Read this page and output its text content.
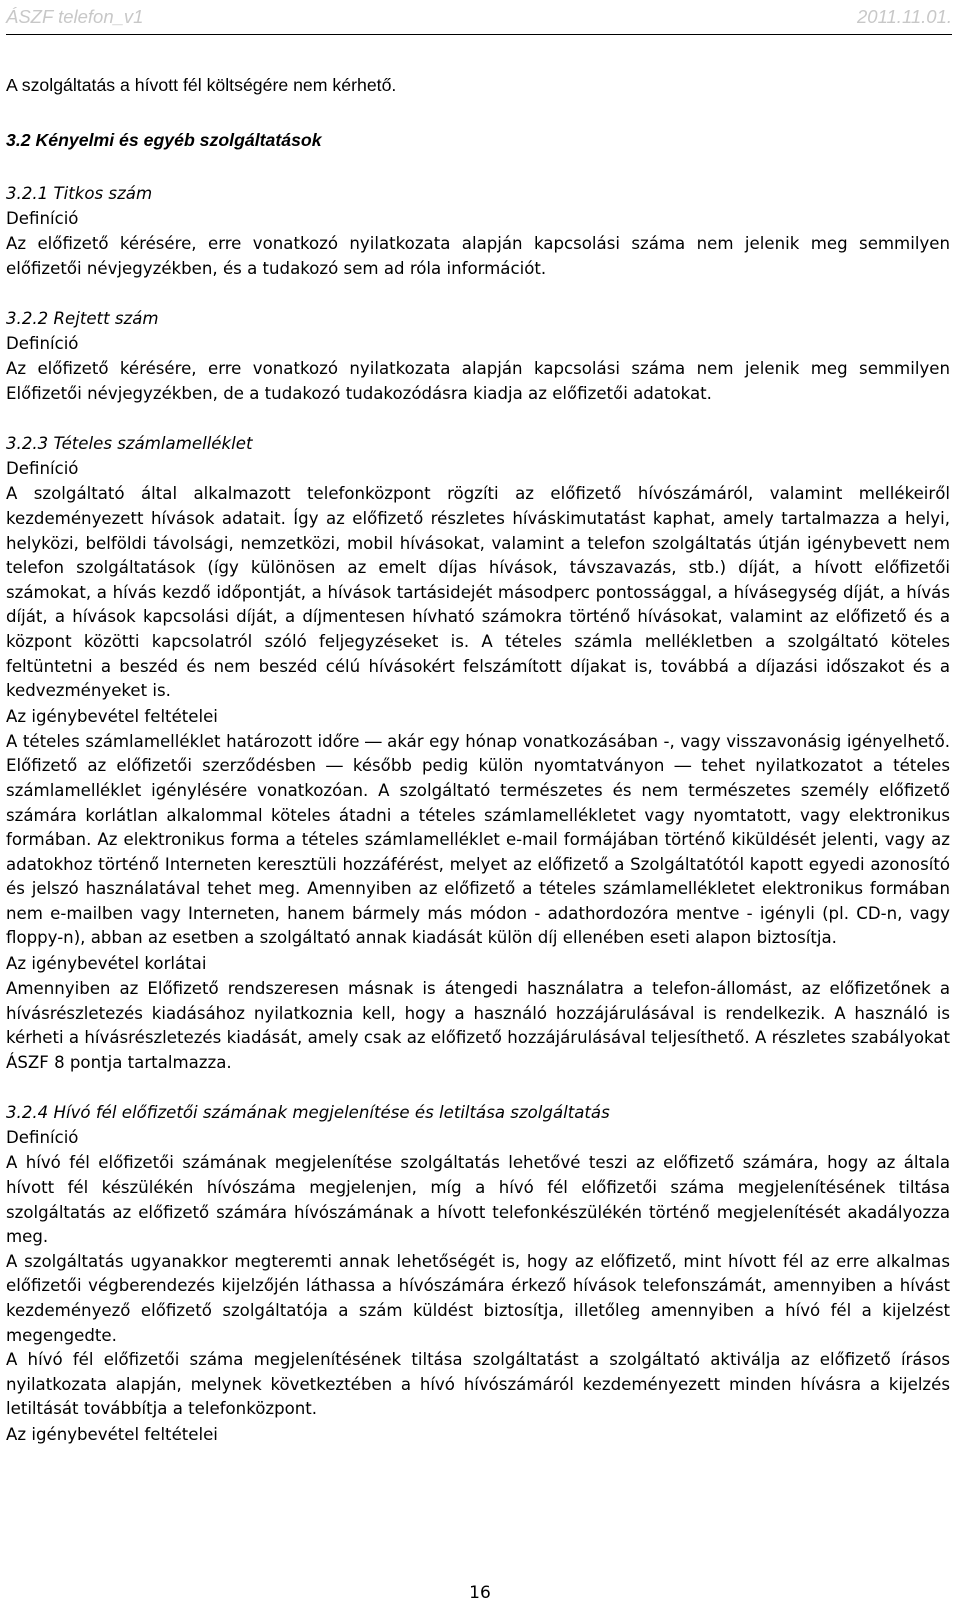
ÁSZF telefon_v1	2011.11.01.

A szolgáltatás a hívott fél költségére nem kérhető.

3.2 Kényelmi és egyéb szolgáltatások

3.2.1 Titkos szám

Definíció

Az előfizető kérésére, erre vonatkozó nyilatkozata alapján kapcsolási száma nem jelenik meg semmilyen előfizetői névjegyzékben, és a tudakozó sem ad róla információt.

3.2.2 Rejtett szám

Definíció

Az előfizető kérésére, erre vonatkozó nyilatkozata alapján kapcsolási száma nem jelenik meg semmilyen Előfizetői névjegyzékben, de a tudakozó tudakozódásra kiadja az előfizetői adatokat.

3.2.3 Tételes számlamelléklet

Definíció

A szolgáltató által alkalmazott telefonközpont rögzíti az előfizető hívószámáról, valamint mellékeiről kezdeményezett hívások adatait. Így az előfizető részletes híváskimutatást kaphat, amely tartalmazza a helyi, helyközi, belföldi távolsági, nemzetközi, mobil hívásokat, valamint a telefon szolgáltatás útján igénybevett nem telefon szolgáltatások (így különösen az emelt díjas hívások, távszavazás, stb.) díját, a hívott előfizetői számokat, a hívás kezdő időpontját, a hívások tartásidejét másodperc pontossággal, a hívásegység díját, a hívás díját, a hívások kapcsolási díját, a díjmentesen hívható számokra történő hívásokat, valamint az előfizető és a központ közötti kapcsolatról szóló feljegyzéseket is. A tételes számla mellékletben a szolgáltató köteles feltüntetni a beszéd és nem beszéd célú hívásokért felszámított díjakat is, továbbá a díjazási időszakot és a kedvezményeket is.

Az igénybevétel feltételei

A tételes számlamelléklet határozott időre ― akár egy hónap vonatkozásában -, vagy visszavonásig igényelhető. Előfizető az előfizetői szerződésben ― később pedig külön nyomtatványon ― tehet nyilatkozatot a tételes számlamelléklet igénylésére vonatkozóan. A szolgáltató természetes és nem természetes személy előfizető számára korlátlan alkalommal köteles átadni a tételes számlamellékletet vagy nyomtatott, vagy elektronikus formában. Az elektronikus forma a tételes számlamelléklet e-mail formájában történő kiküldését jelenti, vagy az adatokhoz történő Interneten keresztüli hozzáférést, melyet az előfizető a Szolgáltatótól kapott egyedi azonosító és jelszó használatával tehet meg. Amennyiben az előfizető a tételes számlamellékletet elektronikus formában nem e-mailben vagy Interneten, hanem bármely más módon - adathordozóra mentve - igényli (pl. CD-n, vagy floppy-n), abban az esetben a szolgáltató annak kiadását külön díj ellenében eseti alapon biztosítja.

Az igénybevétel korlátai

Amennyiben az Előfizető rendszeresen másnak is átengedi használatra a telefon-állomást, az előfizetőnek a hívásrészletezés kiadásához nyilatkoznia kell, hogy a használó hozzájárulásával is rendelkezik. A használó is kérheti a hívásrészletezés kiadását, amely csak az előfizető hozzájárulásával teljesíthető. A részletes szabályokat ÁSZF 8 pontja tartalmazza.

3.2.4 Hívó fél előfizetői számának megjelenítése és letiltása szolgáltatás

Definíció

A hívó fél előfizetői számának megjelenítése szolgáltatás lehetővé teszi az előfizető számára, hogy az általa hívott fél készülékén hívószáma megjelenjen, míg a hívó fél előfizetői száma megjelenítésének tiltása szolgáltatás az előfizető számára hívószámának a hívott telefonkészülékén történő megjelenítését akadályozza meg.

A szolgáltatás ugyanakkor megteremti annak lehetőségét is, hogy az előfizető, mint hívott fél az erre alkalmas előfizetői végberendezés kijelzőjén láthassa a hívószámára érkező hívások telefonszámát, amennyiben a hívást kezdeményező előfizető szolgáltatója a szám küldést biztosítja, illetőleg amennyiben a hívó fél a kijelzést megengedte.

A hívó fél előfizetői száma megjelenítésének tiltása szolgáltatást a szolgáltató aktiválja az előfizető írásos nyilatkozata alapján, melynek következtében a hívó hívószámáról kezdeményezett minden hívásra a kijelzés letiltását továbbítja a telefonközpont.

Az igénybevétel feltételei

16
